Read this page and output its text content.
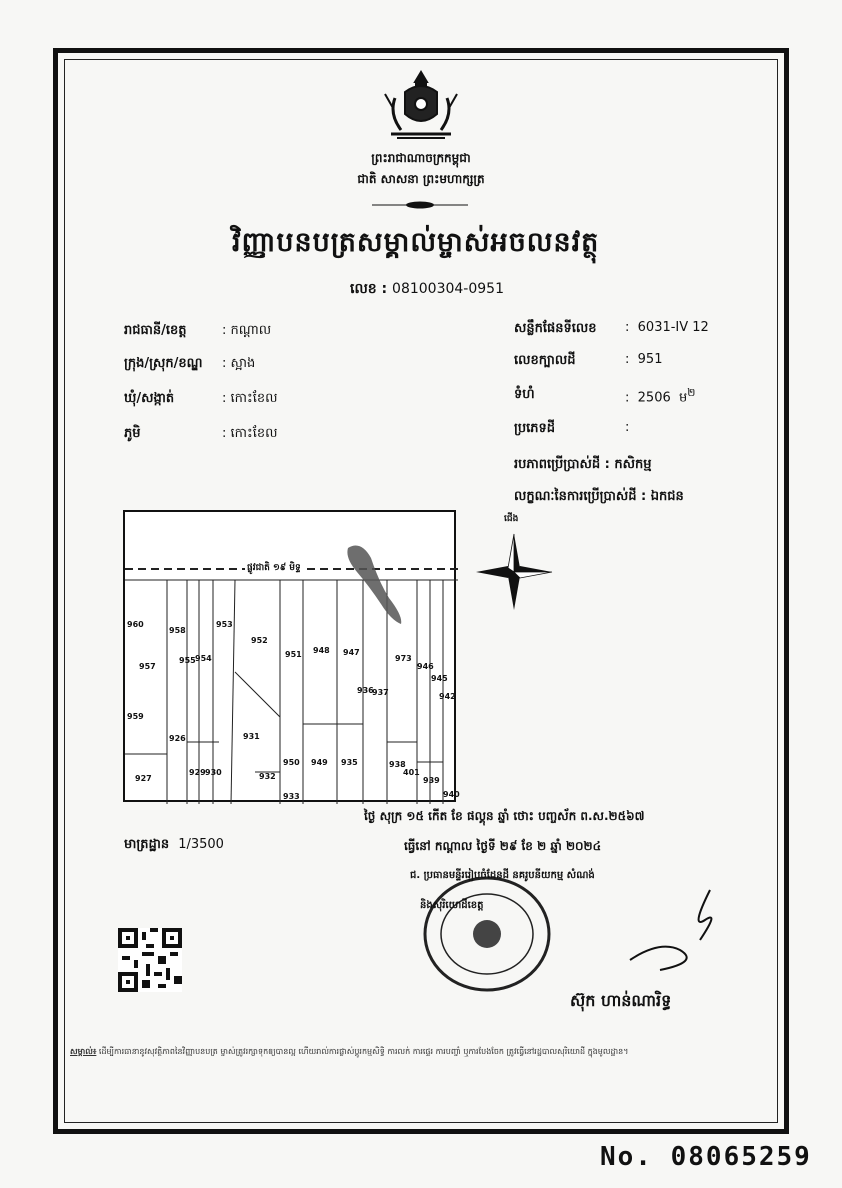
ព្រះរាជាណាចក្រកម្ពុជា
ជាតិ សាសនា ព្រះមហាក្សត្រ
វិញ្ញាបនបត្រសម្គាល់ម្ចាស់អចលនវត្ថុ
លេខ : 08100304-0951
រាជធានី/ខេត្ត	: កណ្តាល
ក្រុង/ស្រុក/ខណ្ឌ : ស្អាង
ឃុំ/សង្កាត់	: កោះខែល
ភូមិ	: កោះខែល
សន្លឹកផែនទីលេខ :  6031-IV 12
លេខក្បាលដី	:  951
ទំហំ	:  2506 ម$^២$
ប្រភេទដី	:
របភាពប្រើប្រាស់ដី : កសិកម្ម
លក្ខណៈនៃការប្រើប្រាស់ដី : ឯកជន
ផ្លូវជាតិ ១៩ មិទ្ទ
960
958
953
952
951 948 947
957
955 954	973
946
945
942
936
937
959
926	931
950 949 935	938
401
939
927
929 930	932
940
933
ជើង
មាត្រដ្ឋាន 1/3500
ថ្ងៃ សុក្រ ១៥ កើត ខែ ផល្គុន ឆ្នាំ ថោះ បញ្ចស័ក ព.ស.២៥៦៧
ធ្វើនៅ កណ្តាល ថ្ងៃទី ២៩ ខែ ២ ឆ្នាំ ២០២៤
ជ. ប្រធានមន្ទីររៀបចំដែនដី នគរូបនីយកម្ម សំណង់
និងសុរិយោដីខេត្ត
ស៊ុក ហាន់ណារិទ្ធ
សម្គាល់៖ ដើម្បីការធានានូវសុវត្ថិភាពនៃវិញ្ញាបនបត្រ ម្ចាស់ត្រូវរក្សាទុកឲ្យបានល្អ ហើយរាល់ការផ្លាស់ប្តូរកម្មសិទ្ធិ ការលក់ ការផ្ទេរ ការបញ្ចាំ ឬការបែងចែក ត្រូវធ្វើនៅរដ្ឋបាលសុរិយោដី ក្នុងមូលដ្ឋាន។
No. 08065259
